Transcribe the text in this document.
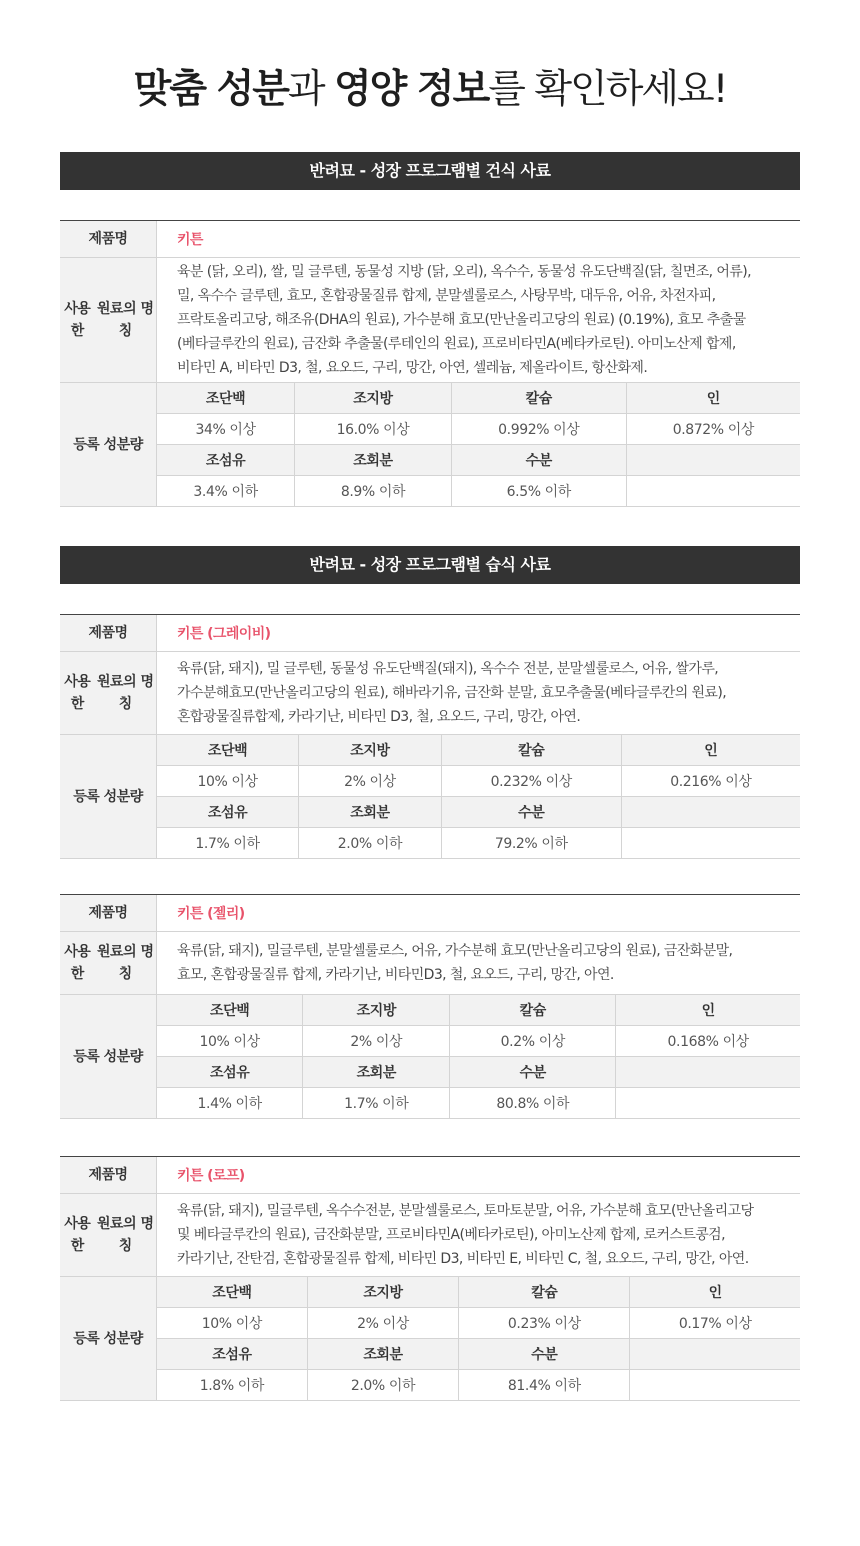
맞춤 성분과 영양 정보를 확인하세요!
반려묘 - 성장 프로그램별 건식 사료
제품명	키튼
사용한

원료의 명칭
육분 (닭, 오리), 쌀, 밀 글루텐, 동물성 지방 (닭, 오리), 옥수수, 동물성 유도단백질(닭, 칠면조, 어류),
밀, 옥수수 글루텐, 효모, 혼합광물질류 합제, 분말셀룰로스, 사탕무박, 대두유, 어유, 차전자피,
프락토올리고당, 해조유(DHA의 원료), 가수분해 효모(만난올리고당의 원료) (0.19%), 효모 추출물
(베타글루칸의 원료), 금잔화 추출물(루테인의 원료), 프로비타민A(베타카로틴). 아미노산제 합제,
비타민 A, 비타민 D3, 철, 요오드, 구리, 망간, 아연, 셀레늄, 제올라이트, 항산화제.
등록 성분량
조단백	조지방	칼슘	인
34% 이상	16.0% 이상	0.992% 이상	0.872% 이상
조섬유	조회분	수분	
3.4% 이하	8.9% 이하	6.5% 이하	
반려묘 - 성장 프로그램별 습식 사료
제품명	키튼 (그레이비)
사용한

원료의 명칭
육류(닭, 돼지), 밀 글루텐, 동물성 유도단백질(돼지), 옥수수 전분, 분말셀룰로스, 어유, 쌀가루,
가수분해효모(만난올리고당의 원료), 해바라기유, 금잔화 분말, 효모추출물(베타글루칸의 원료),
혼합광물질류합제, 카라기난, 비타민 D3, 철, 요오드, 구리, 망간, 아연.
등록 성분량
조단백	조지방	칼슘	인
10% 이상	2% 이상	0.232% 이상	0.216% 이상
조섬유	조회분	수분	
1.7% 이하	2.0% 이하	79.2% 이하	
제품명	키튼 (젤리)
사용한

원료의 명칭
육류(닭, 돼지), 밀글루텐, 분말셀룰로스, 어유, 가수분해 효모(만난올리고당의 원료), 금잔화분말,
효모, 혼합광물질류 합제, 카라기난, 비타민D3, 철, 요오드, 구리, 망간, 아연.
등록 성분량
조단백	조지방	칼슘	인
10% 이상	2% 이상	0.2% 이상	0.168% 이상
조섬유	조회분	수분	
1.4% 이하	1.7% 이하	80.8% 이하	
제품명	키튼 (로프)
사용한

원료의 명칭
육류(닭, 돼지), 밀글루텐, 옥수수전분, 분말셀룰로스, 토마토분말, 어유, 가수분해 효모(만난올리고당
및 베타글루칸의 원료), 금잔화분말, 프로비타민A(베타카로틴), 아미노산제 합제, 로커스트콩검,
카라기난, 잔탄검, 혼합광물질류 합제, 비타민 D3, 비타민 E, 비타민 C, 철, 요오드, 구리, 망간, 아연.
등록 성분량
조단백	조지방	칼슘	인
10% 이상	2% 이상	0.23% 이상	0.17% 이상
조섬유	조회분	수분	
1.8% 이하	2.0% 이하	81.4% 이하	
